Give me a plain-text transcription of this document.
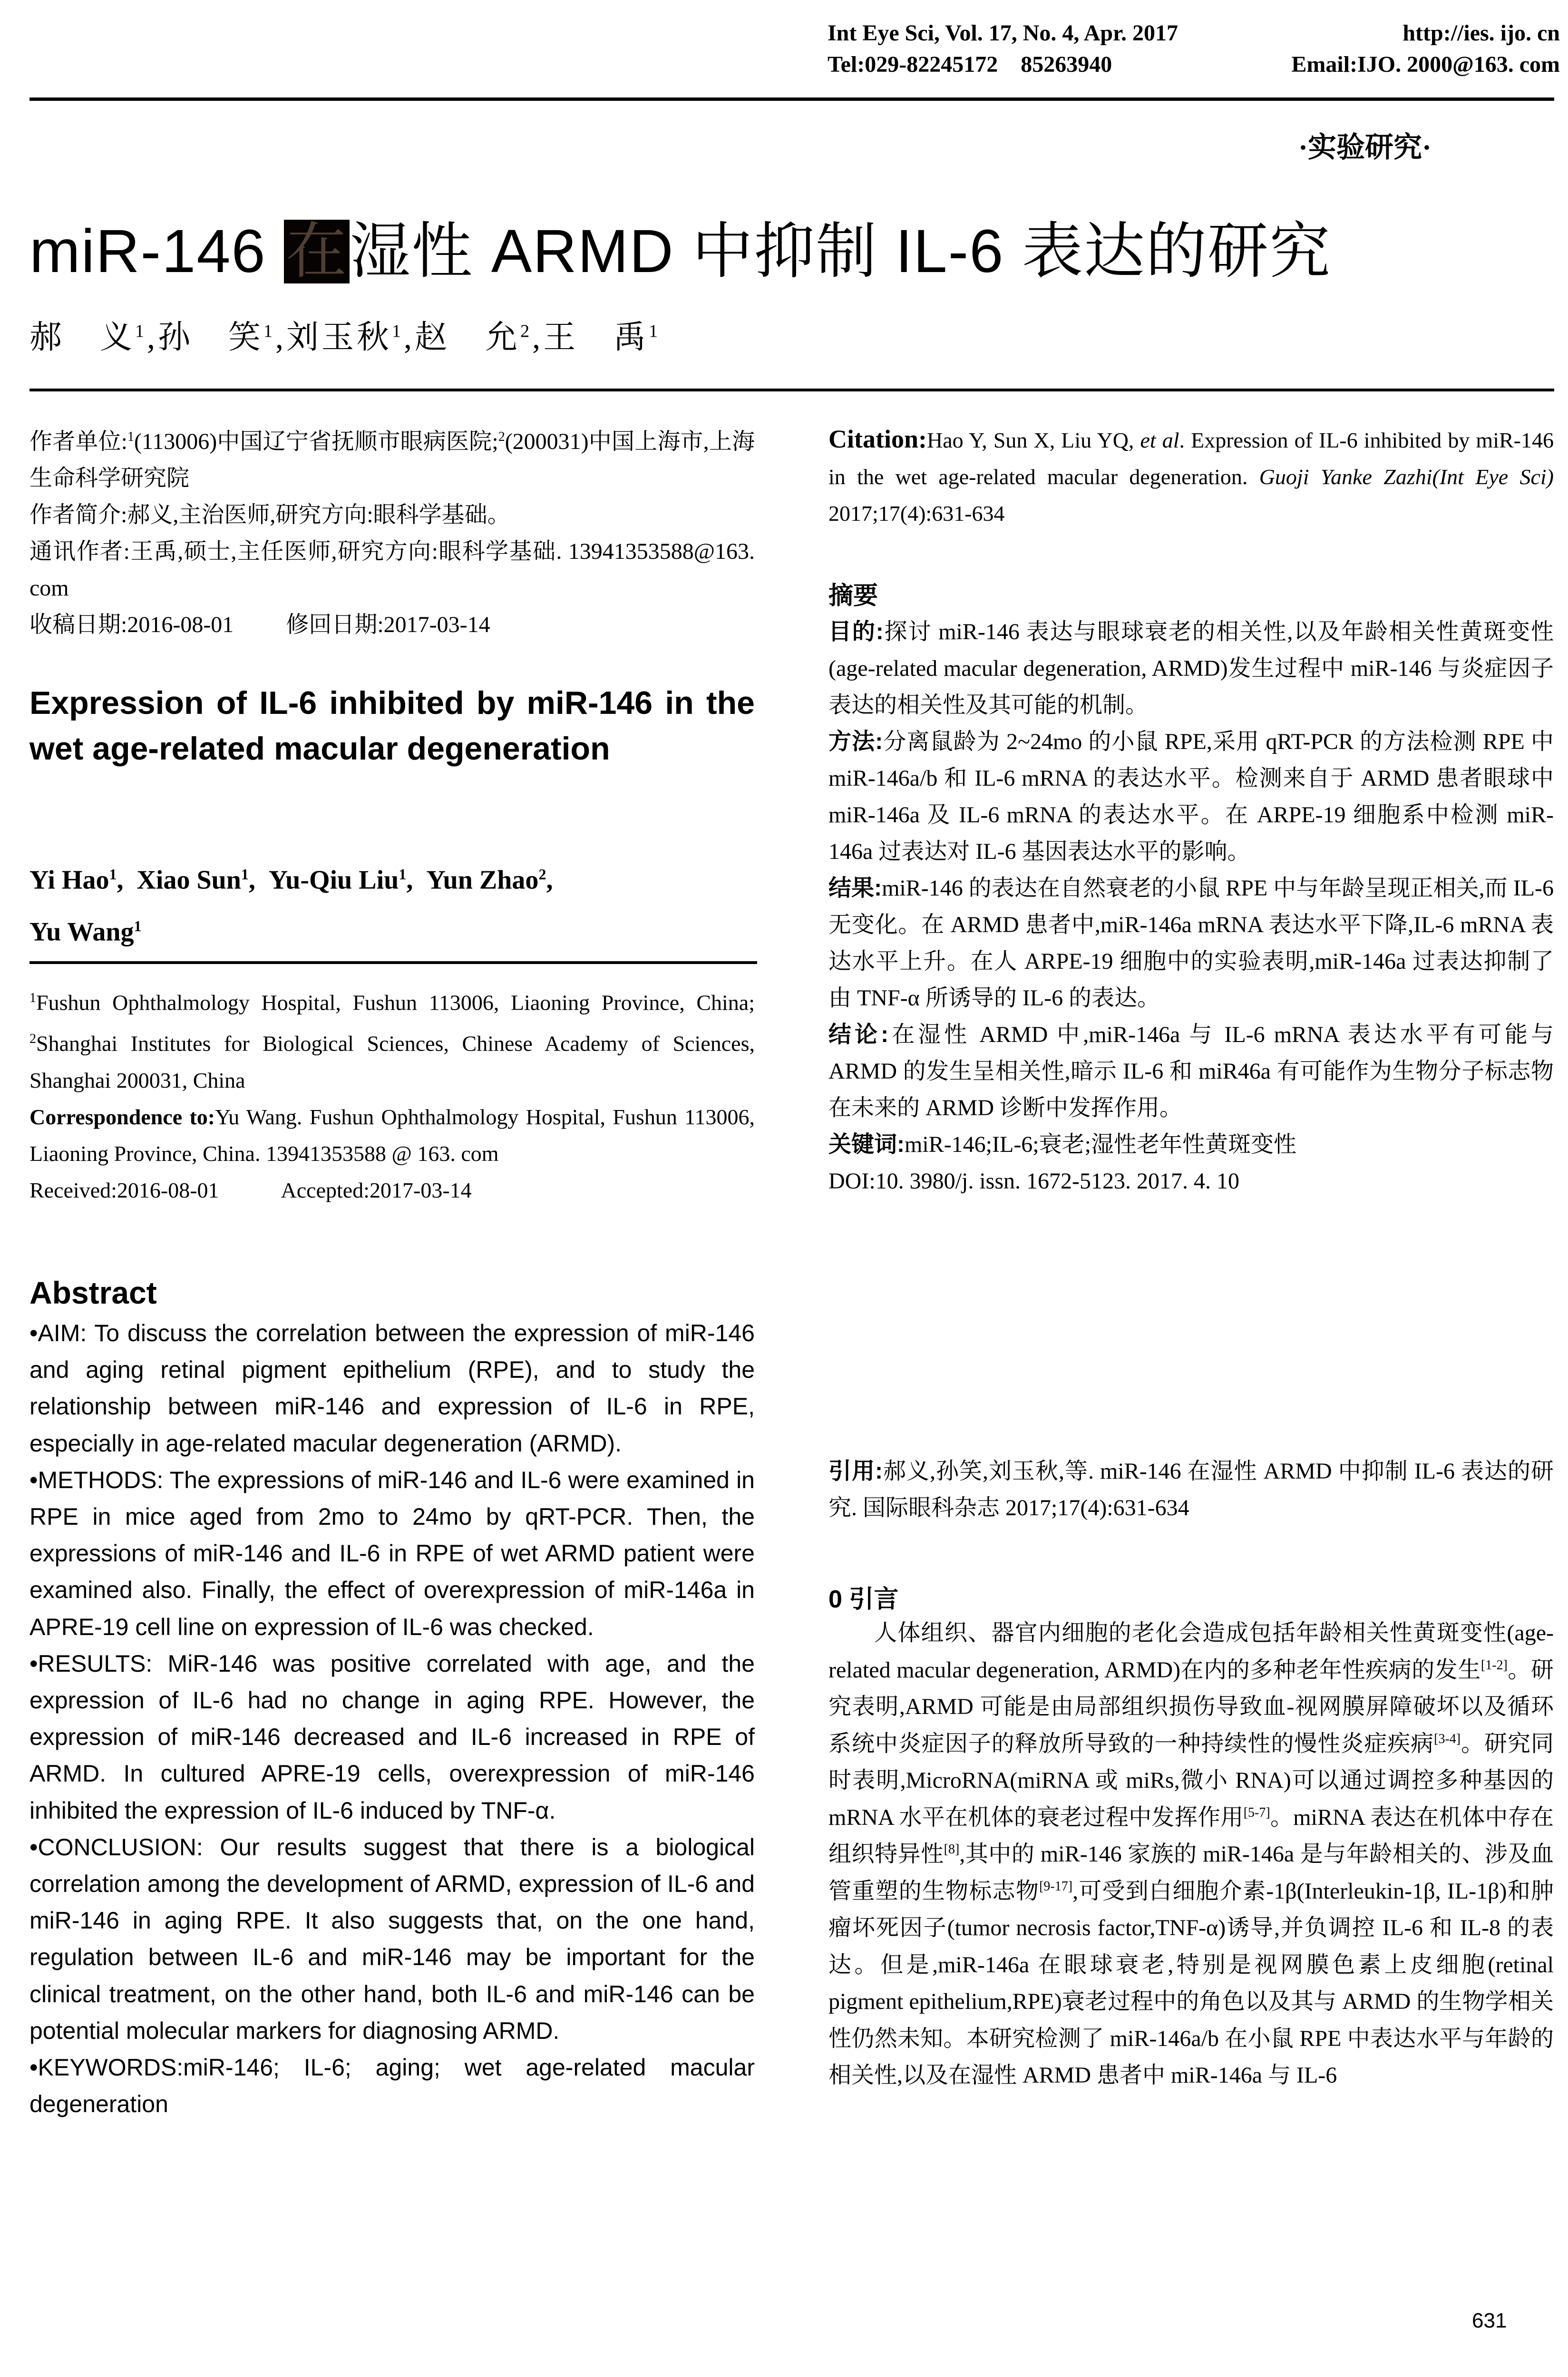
Int Eye Sci, Vol. 17, No. 4, Apr. 2017	http://ies. ijo. cn
Tel:029-82245172    85263940	Email:IJO. 2000@163. com
·实验研究·
miR-146 在湿性 ARMD 中抑制 IL-6 表达的研究
郝　义$^1$,孙　笑$^1$,刘玉秋$^1$,赵　允$^2$,王　禹$^1$
作者单位:$^1$(113006)中国辽宁省抚顺市眼病医院;$^2$(200031)中国上海市,上海生命科学研究院
作者简介:郝义,主治医师,研究方向:眼科学基础。
通讯作者:王禹,硕士,主任医师,研究方向:眼科学基础. 13941353588@163. com
收稿日期:2016-08-01 修回日期:2017-03-14
Expression of IL-6 inhibited by miR-146 in the wet age-related macular degeneration
Yi Hao$^1$,  Xiao Sun$^1$,  Yu-Qiu Liu$^1$,  Yun Zhao$^2$,
Yu Wang$^1$
$^1$Fushun Ophthalmology Hospital, Fushun 113006, Liaoning Province, China; $^2$Shanghai Institutes for Biological Sciences, Chinese Academy of Sciences, Shanghai 200031, China
Correspondence to:Yu Wang. Fushun Ophthalmology Hospital, Fushun 113006, Liaoning Province, China. 13941353588 @ 163. com
Received:2016-08-01	Accepted:2017-03-14
Abstract
•AIM: To discuss the correlation between the expression of miR-146 and aging retinal pigment epithelium (RPE), and to study the relationship between miR-146 and expression of IL-6 in RPE, especially in age-related macular degeneration (ARMD).
•METHODS: The expressions of miR-146 and IL-6 were examined in RPE in mice aged from 2mo to 24mo by qRT-PCR. Then, the expressions of miR-146 and IL-6 in RPE of wet ARMD patient were examined also. Finally, the effect of overexpression of miR-146a in APRE-19 cell line on expression of IL-6 was checked.
•RESULTS: MiR-146 was positive correlated with age, and the expression of IL-6 had no change in aging RPE. However, the expression of miR-146 decreased and IL-6 increased in RPE of ARMD. In cultured APRE-19 cells, overexpression of miR-146 inhibited the expression of IL-6 induced by TNF-α.
•CONCLUSION: Our results suggest that there is a biological correlation among the development of ARMD, expression of IL-6 and miR-146 in aging RPE. It also suggests that, on the one hand, regulation between IL-6 and miR-146 may be important for the clinical treatment, on the other hand, both IL-6 and miR-146 can be potential molecular markers for diagnosing ARMD.
•KEYWORDS:miR-146; IL-6; aging; wet age-related macular degeneration
Citation:Hao Y, Sun X, Liu YQ, et al. Expression of IL-6 inhibited by miR-146 in the wet age-related macular degeneration. Guoji Yanke Zazhi(Int Eye Sci) 2017;17(4):631-634
摘要
目的:探讨 miR-146 表达与眼球衰老的相关性,以及年龄相关性黄斑变性(age-related macular degeneration, ARMD)发生过程中 miR-146 与炎症因子表达的相关性及其可能的机制。
方法:分离鼠龄为 2~24mo 的小鼠 RPE,采用 qRT-PCR 的方法检测 RPE 中 miR-146a/b 和 IL-6 mRNA 的表达水平。检测来自于 ARMD 患者眼球中 miR-146a 及 IL-6 mRNA 的表达水平。在 ARPE-19 细胞系中检测 miR-146a 过表达对 IL-6 基因表达水平的影响。
结果:miR-146 的表达在自然衰老的小鼠 RPE 中与年龄呈现正相关,而 IL-6 无变化。在 ARMD 患者中,miR-146a mRNA 表达水平下降,IL-6 mRNA 表达水平上升。在人 ARPE-19 细胞中的实验表明,miR-146a 过表达抑制了由 TNF-α 所诱导的 IL-6 的表达。
结论:在湿性 ARMD 中,miR-146a 与 IL-6 mRNA 表达水平有可能与 ARMD 的发生呈相关性,暗示 IL-6 和 miR46a 有可能作为生物分子标志物在未来的 ARMD 诊断中发挥作用。
关键词:miR-146;IL-6;衰老;湿性老年性黄斑变性
DOI:10. 3980/j. issn. 1672-5123. 2017. 4. 10
引用:郝义,孙笑,刘玉秋,等. miR-146 在湿性 ARMD 中抑制 IL-6 表达的研究. 国际眼科杂志 2017;17(4):631-634
0 引言
人体组织、器官内细胞的老化会造成包括年龄相关性黄斑变性(age-related macular degeneration, ARMD)在内的多种老年性疾病的发生[1-2]。研究表明,ARMD 可能是由局部组织损伤导致血-视网膜屏障破坏以及循环系统中炎症因子的释放所导致的一种持续性的慢性炎症疾病[3-4]。研究同时表明,MicroRNA(miRNA 或 miRs,微小 RNA)可以通过调控多种基因的 mRNA 水平在机体的衰老过程中发挥作用[5-7]。miRNA 表达在机体中存在组织特异性[8],其中的 miR-146 家族的 miR-146a 是与年龄相关的、涉及血管重塑的生物标志物[9-17],可受到白细胞介素-1β(Interleukin-1β, IL-1β)和肿瘤坏死因子(tumor necrosis factor,TNF-α)诱导,并负调控 IL-6 和 IL-8 的表达。但是,miR-146a 在眼球衰老,特别是视网膜色素上皮细胞(retinal pigment epithelium,RPE)衰老过程中的角色以及其与 ARMD 的生物学相关性仍然未知。本研究检测了 miR-146a/b 在小鼠 RPE 中表达水平与年龄的相关性,以及在湿性 ARMD 患者中 miR-146a 与 IL-6
631
